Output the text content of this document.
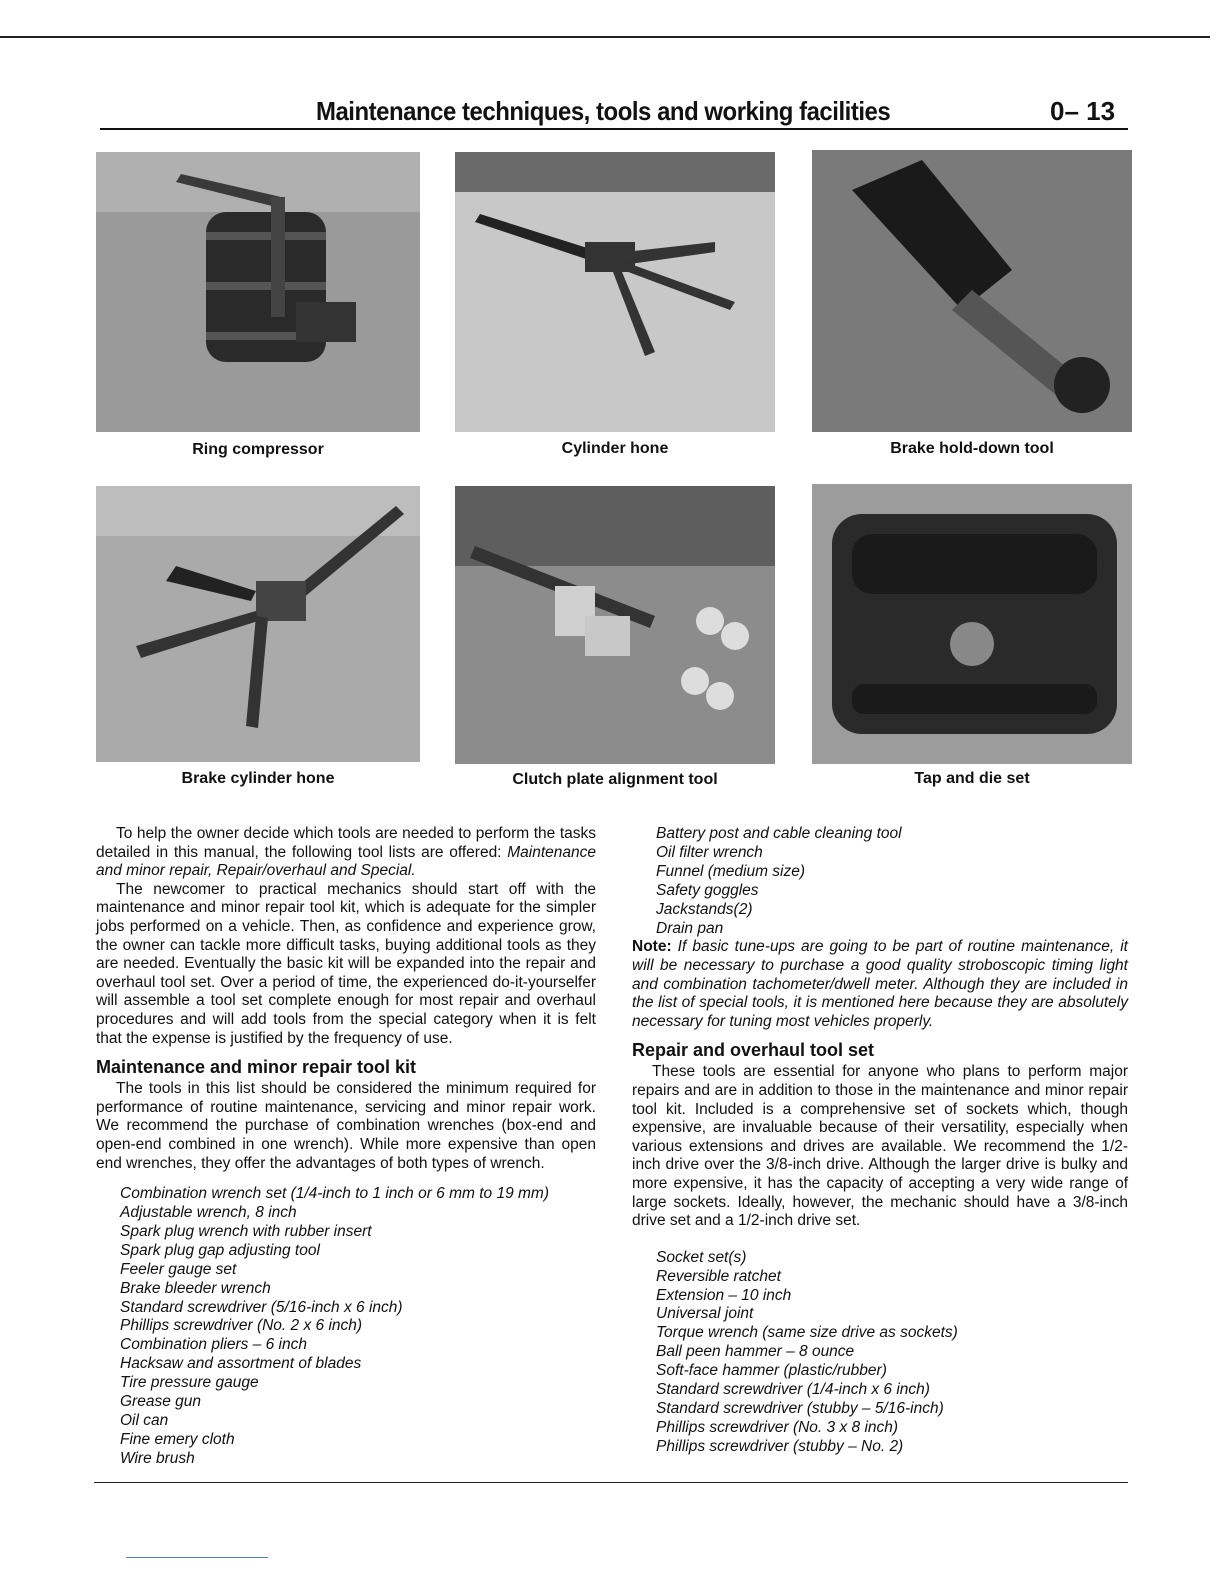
Maintenance techniques, tools and working facilities	0– 13
Ring compressor	Cylinder hone	Brake hold-down tool
Brake cylinder hone	Clutch plate alignment tool	Tap and die set

To help the owner decide which tools are needed to perform the tasks detailed in this manual, the following tool lists are offered: Maintenance and minor repair, Repair/overhaul and Special.

The newcomer to practical mechanics should start off with the maintenance and minor repair tool kit, which is adequate for the simpler jobs performed on a vehicle. Then, as confidence and experience grow, the owner can tackle more difficult tasks, buying additional tools as they are needed. Eventually the basic kit will be expanded into the repair and overhaul tool set. Over a period of time, the experienced do-it-yourselfer will assemble a tool set complete enough for most repair and overhaul procedures and will add tools from the special category when it is felt that the expense is justified by the frequency of use.

Maintenance and minor repair tool kit

The tools in this list should be considered the minimum required for performance of routine maintenance, servicing and minor repair work. We recommend the purchase of combination wrenches (box-end and open-end combined in one wrench). While more expensive than open end wrenches, they offer the advantages of both types of wrench.

Combination wrench set (1/4-inch to 1 inch or 6 mm to 19 mm)
Adjustable wrench, 8 inch
Spark plug wrench with rubber insert
Spark plug gap adjusting tool
Feeler gauge set
Brake bleeder wrench
Standard screwdriver (5/16-inch x 6 inch)
Phillips screwdriver (No. 2 x 6 inch)
Combination pliers – 6 inch
Hacksaw and assortment of blades
Tire pressure gauge
Grease gun
Oil can
Fine emery cloth
Wire brush
Battery post and cable cleaning tool
Oil filter wrench
Funnel (medium size)
Safety goggles
Jackstands(2)
Drain pan

Note: If basic tune-ups are going to be part of routine maintenance, it will be necessary to purchase a good quality stroboscopic timing light and combination tachometer/dwell meter. Although they are included in the list of special tools, it is mentioned here because they are absolutely necessary for tuning most vehicles properly.

Repair and overhaul tool set

These tools are essential for anyone who plans to perform major repairs and are in addition to those in the maintenance and minor repair tool kit. Included is a comprehensive set of sockets which, though expensive, are invaluable because of their versatility, especially when various extensions and drives are available. We recommend the 1/2-inch drive over the 3/8-inch drive. Although the larger drive is bulky and more expensive, it has the capacity of accepting a very wide range of large sockets. Ideally, however, the mechanic should have a 3/8-inch drive set and a 1/2-inch drive set.

Socket set(s)
Reversible ratchet
Extension – 10 inch
Universal joint
Torque wrench (same size drive as sockets)
Ball peen hammer – 8 ounce
Soft-face hammer (plastic/rubber)
Standard screwdriver (1/4-inch x 6 inch)
Standard screwdriver (stubby – 5/16-inch)
Phillips screwdriver (No. 3 x 8 inch)
Phillips screwdriver (stubby – No. 2)
